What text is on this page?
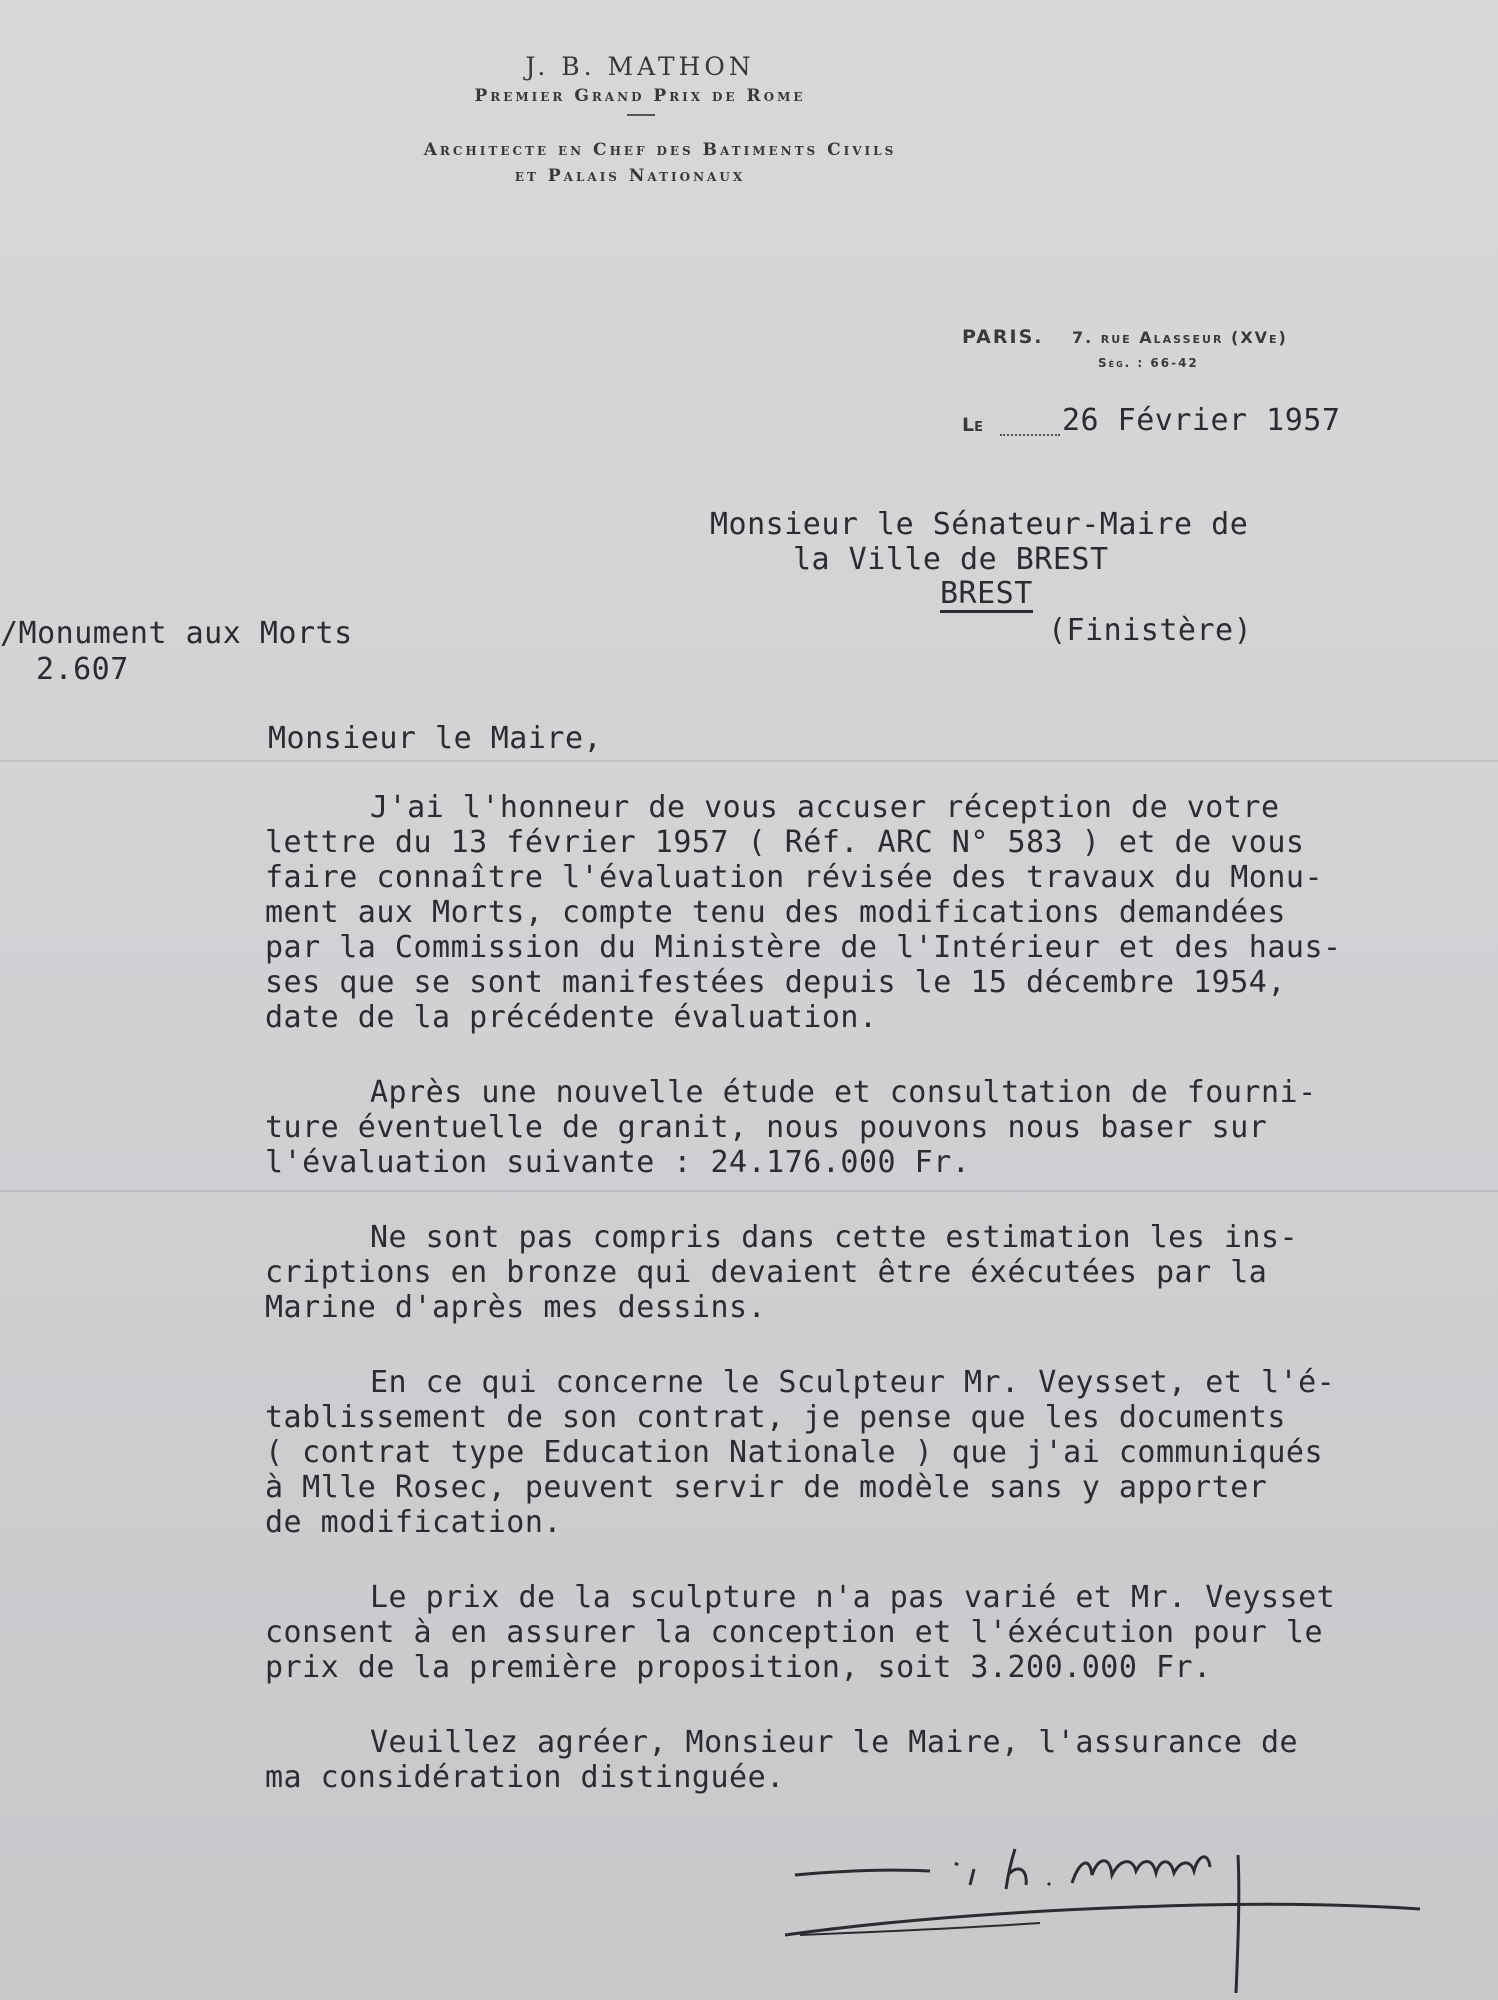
J. B. MATHON
Premier Grand Prix de Rome
Architecte en Chef des Batiments Civils
et Palais Nationaux
PARIS. 7. rue Alasseur (XVe)
Ség. : 66-42
Le	26 Février 1957
Monsieur le Sénateur-Maire de
la Ville de BREST
BREST
(Finistère)
/Monument aux Morts
2.607
Monsieur le Maire,
J'ai l'honneur de vous accuser réception de votre
lettre du 13 février 1957 ( Réf. ARC N° 583 ) et de vous
faire connaître l'évaluation révisée des travaux du Monu-
ment aux Morts, compte tenu des modifications demandées
par la Commission du Ministère de l'Intérieur et des haus-
ses que se sont manifestées depuis le 15 décembre 1954,
date de la précédente évaluation.
Après une nouvelle étude et consultation de fourni-
ture éventuelle de granit, nous pouvons nous baser sur
l'évaluation suivante : 24.176.000 Fr.
Ne sont pas compris dans cette estimation les ins-
criptions en bronze qui devaient être éxécutées par la
Marine d'après mes dessins.
En ce qui concerne le Sculpteur Mr. Veysset, et l'é-
tablissement de son contrat, je pense que les documents
( contrat type Education Nationale ) que j'ai communiqués
à Mlle Rosec, peuvent servir de modèle sans y apporter
de modification.
Le prix de la sculpture n'a pas varié et Mr. Veysset
consent à en assurer la conception et l'éxécution pour le
prix de la première proposition, soit 3.200.000 Fr.
Veuillez agréer, Monsieur le Maire, l'assurance de
ma considération distinguée.
